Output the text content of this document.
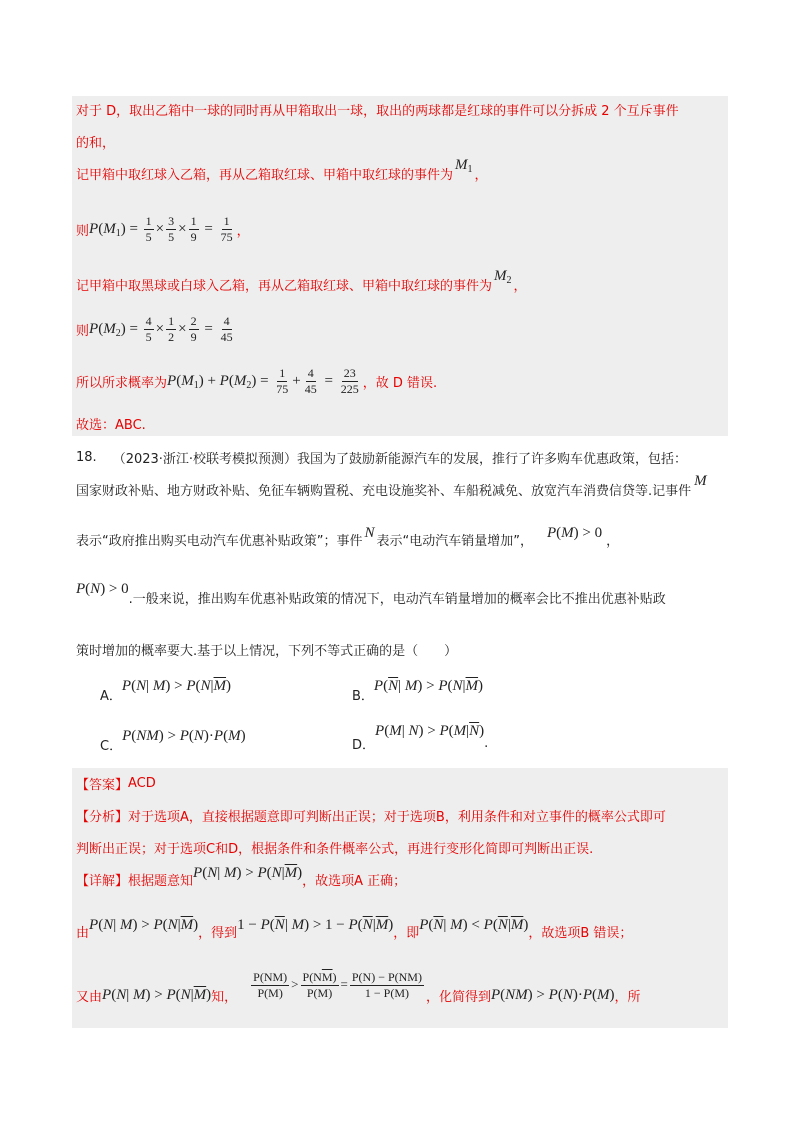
对于 D，取出乙箱中一球的同时再从甲箱取出一球，取出的两球都是红球的事件可以分拆成 2 个互斥事件
的和，
记甲箱中取红球入乙箱，再从乙箱取红球、甲箱中取红球的事件为
$M_1$ ，
则 $P(M_1) = \frac{1}{5} \times \frac{3}{5} \times \frac{1}{9} = \frac{1}{75}$ ，
记甲箱中取黑球或白球入乙箱，再从乙箱取红球、甲箱中取红球的事件为
$M_2$ ，
则 $P(M_2) = \frac{4}{5} \times \frac{1}{2} \times \frac{2}{9} = \frac{4}{45}$
所以所求概率为 $P(M_1) + P(M_2) = \frac{1}{75} + \frac{4}{45} = \frac{23}{225}$ ，故 D 错误.
故选：ABC.
18. （2023·浙江·校联考模拟预测） 我国为了鼓励新能源汽车的发展，推行了许多购车优惠政策，包括：
国家财政补贴、地方财政补贴、免征车辆购置税、充电设施奖补、车船税减免、放宽汽车消费信贷等.记事件
M
表示“政府推出购买电动汽车优惠补贴政策”；事件
N
表示“电动汽车销量增加”，
P(M) > 0
，
P(N) > 0
.一般来说，推出购车优惠补贴政策的情况下，电动汽车销量增加的概率会比不推出优惠补贴政
策时增加的概率要大.基于以上情况，下列不等式正确的是（　　）
A．
P(N| $M) > P(N|\overline{M})$
B．
$P(\overline{N}|$ $M) > P(N|\overline{M})$
C．
P(NM) > P(N)·P(M)
D．
P(M| $N) > P(M|\overline{N})$
.
【答案】 ACD
【分析】 对于选项A，直接根据题意即可判断出正误；对于选项B，利用条件和对立事件的概率公式即可
判断出正误；对于选项C和D，根据条件和条件概率公式，再进行变形化简即可判断出正误.
【详解】 根据题意知
P(N| $M) > P(N|\overline{M})$
，故选项A 正确；
由
P(N| $M) > P(N|\overline{M})$
，得到
$1 - P(\overline{N}|$ $M) > 1 - P(\overline{N}|\overline{M})$
，即
$P(\overline{N}|$ $M) < P(\overline{N}|\overline{M})$
，故选项B 错误；
又由 P(N| $M) > P(N|\overline{M})$ 知， $\frac{P(NM)}{P(M)} > \frac{P(N\overline{M})}{P(\overline{M})} = \frac{P(N) - P(NM)}{1 - P(M)}$ ，化简得到 P(NM) > P(N)·P(M) ，所
